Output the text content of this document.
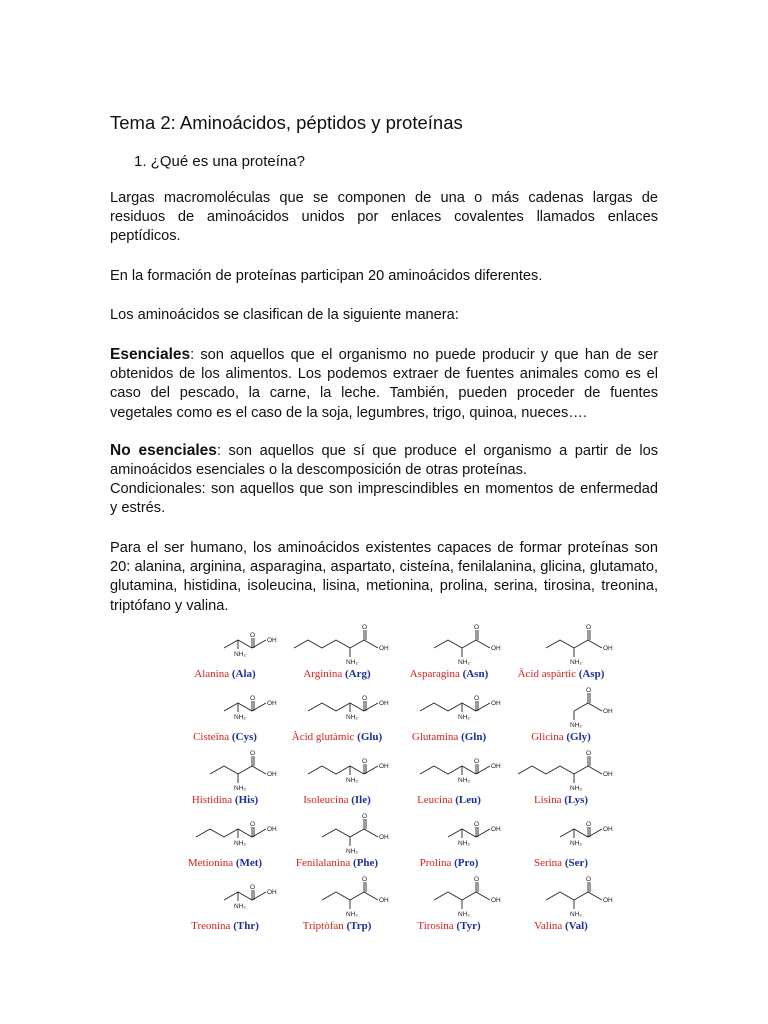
Tema 2: Aminoácidos, péptidos y proteínas
1. ¿Qué es una proteína?

Largas macromoléculas que se componen de una o más cadenas largas de residuos de aminoácidos unidos por enlaces covalentes llamados enlaces peptídicos.

En la formación de proteínas participan 20 aminoácidos diferentes.

Los aminoácidos se clasifican de la siguiente manera:

Esenciales: son aquellos que el organismo no puede producir y que han de ser obtenidos de los alimentos. Los podemos extraer de fuentes animales como es el caso del pescado, la carne, la leche. También, pueden proceder de fuentes vegetales como es el caso de la soja, legumbres, trigo, quinoa, nueces….

No esenciales: son aquellos que sí que produce el organismo a partir de los aminoácidos esenciales o la descomposición de otras proteínas.

Condicionales: son aquellos que son imprescindibles en momentos de enfermedad y estrés.

Para el ser humano, los aminoácidos existentes capaces de formar proteínas son 20: alanina, arginina, asparagina, aspartato, cisteína, fenilalanina, glicina, glutamato, glutamina, histidina, isoleucina, lisina, metionina, prolina, serina, tirosina, treonina, triptófano y valina.

O
OH
NH₂
Alanina (Ala)
O
OH
NH₂
Arginina (Arg)
O
OH
NH₂
Asparagina (Asn)
O
OH
NH₂
Àcid aspàrtic (Asp)
O
OH
NH₂
Cisteïna (Cys)
O
OH
NH₂
Àcid glutàmic (Glu)
O
OH
NH₂
Glutamina (Gln)
O
OH
NH₂
Glicina (Gly)
O
OH
NH₂
Histidina (His)
O
OH
NH₂
Isoleucina (Ile)
O
OH
NH₂
Leucina (Leu)
O
OH
NH₂
Lisina (Lys)
O
OH
NH₂
Metionina (Met)
O
OH
NH₂
Fenilalanina (Phe)
O
OH
NH₂
Prolina (Pro)
O
OH
NH₂
Serina (Ser)
O
OH
NH₂
Treonina (Thr)
O
OH
NH₂
Triptòfan (Trp)
O
OH
NH₂
Tirosina (Tyr)
O
OH
NH₂
Valina (Val)
